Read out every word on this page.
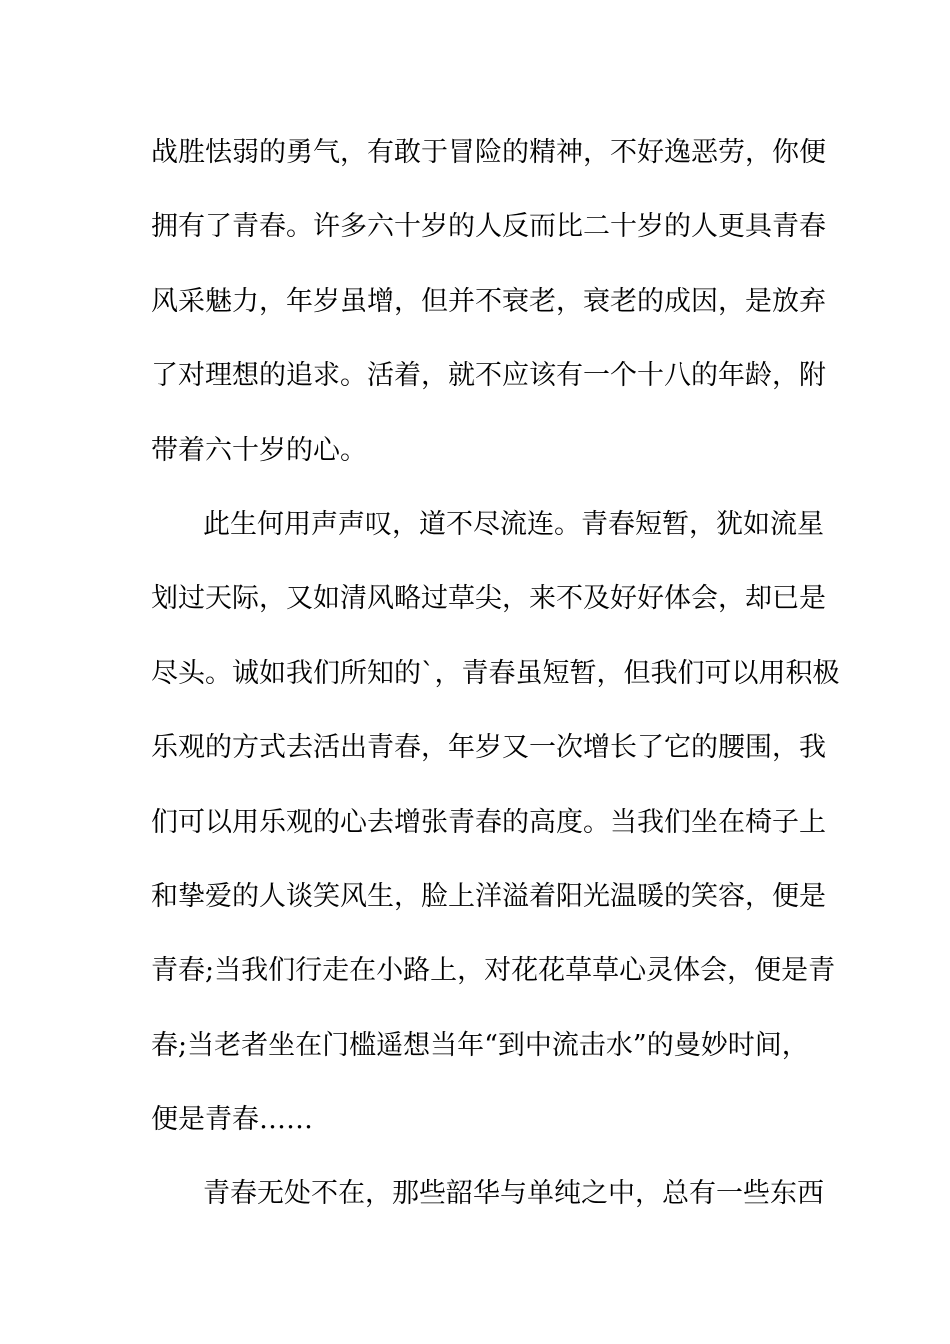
战胜怯弱的勇气，有敢于冒险的精神，不好逸恶劳，你便
拥有了青春。许多六十岁的人反而比二十岁的人更具青春
风采魅力，年岁虽增，但并不衰老，衰老的成因，是放弃
了对理想的追求。活着，就不应该有一个十八的年龄，附
带着六十岁的心。
此生何用声声叹，道不尽流连。青春短暂，犹如流星
划过天际，又如清风略过草尖，来不及好好体会，却已是
尽头。诚如我们所知的`，青春虽短暂，但我们可以用积极
乐观的方式去活出青春，年岁又一次增长了它的腰围，我
们可以用乐观的心去增张青春的高度。当我们坐在椅子上
和挚爱的人谈笑风生，脸上洋溢着阳光温暖的笑容，便是
青春;当我们行走在小路上，对花花草草心灵体会，便是青
春;当老者坐在门槛遥想当年“到中流击水”的曼妙时间，
便是青春……
青春无处不在，那些韶华与单纯之中，总有一些东西
